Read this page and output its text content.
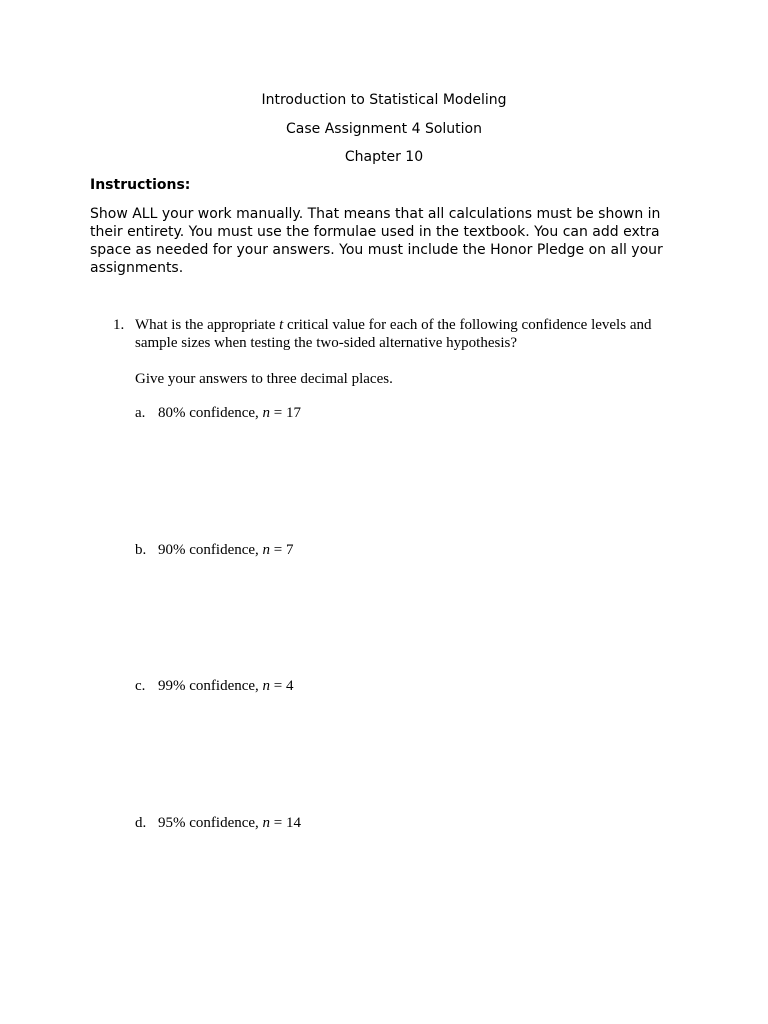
Introduction to Statistical Modeling
Case Assignment 4 Solution
Chapter 10
Instructions:
Show ALL your work manually. That means that all calculations must be shown in their entirety. You must use the formulae used in the textbook. You can add extra space as needed for your answers. You must include the Honor Pledge on all your assignments.
1. What is the appropriate t critical value for each of the following confidence levels and sample sizes when testing the two-sided alternative hypothesis?
Give your answers to three decimal places.
a. 80% confidence, n = 17
b. 90% confidence, n = 7
c. 99% confidence, n = 4
d. 95% confidence, n = 14
